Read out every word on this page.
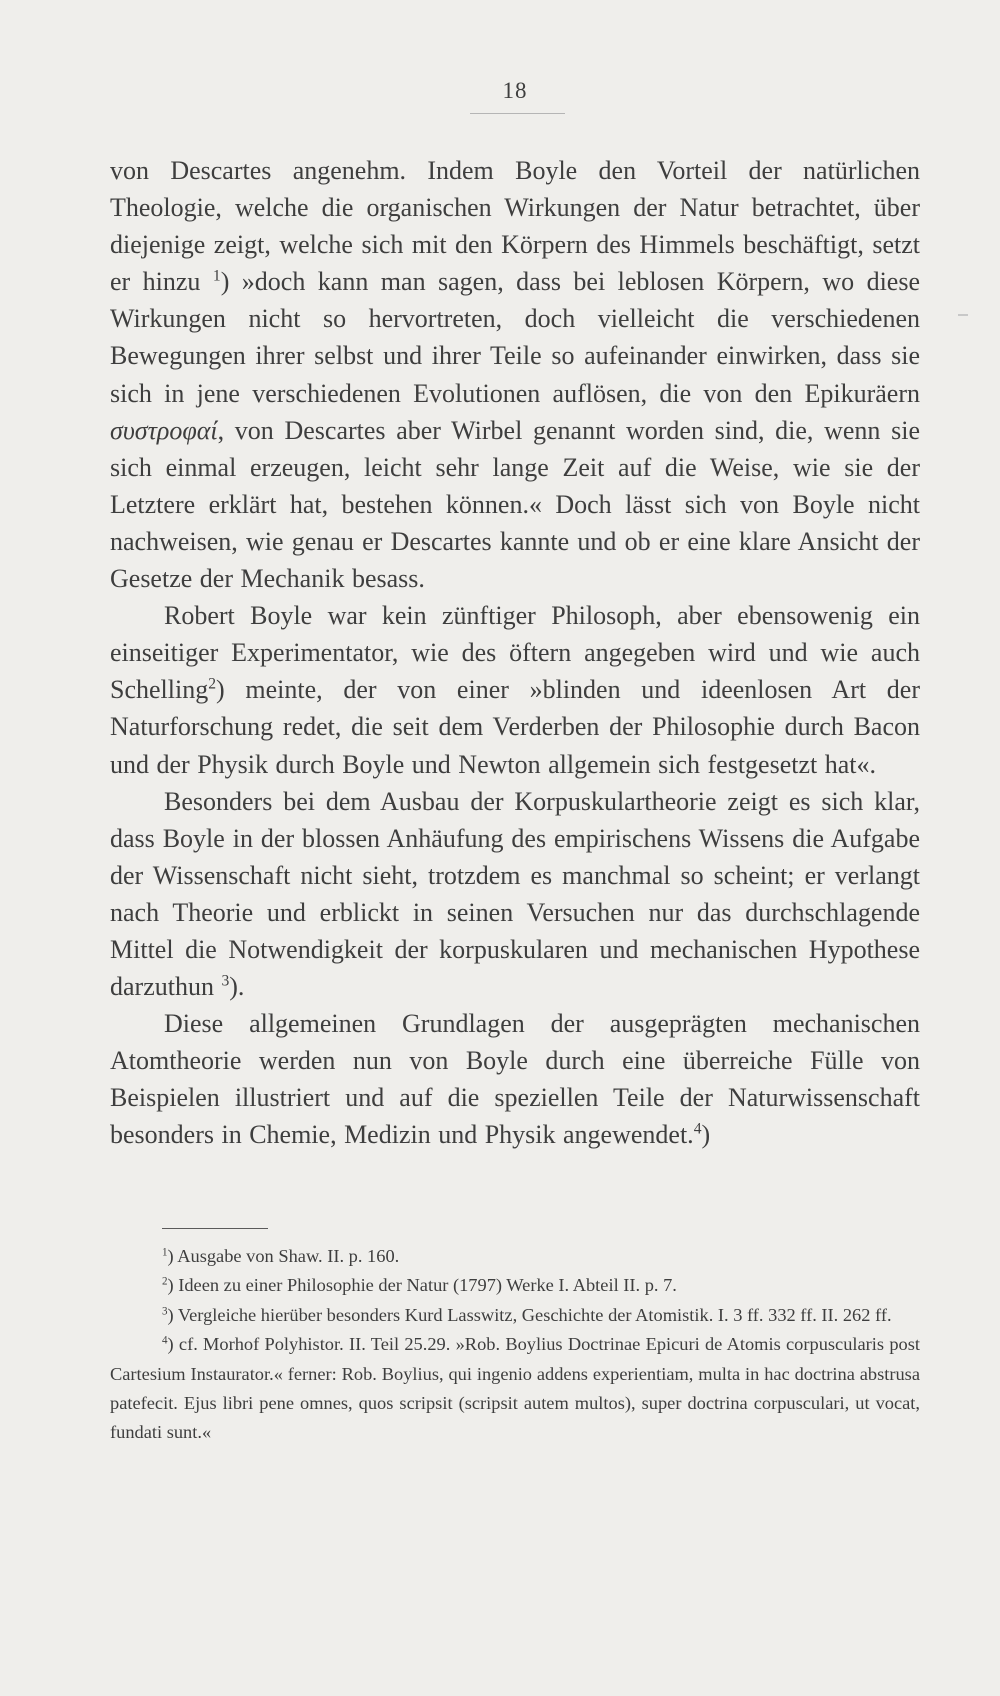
18

von Descartes angenehm. Indem Boyle den Vorteil der natürlichen Theologie, welche die organischen Wirkungen der Natur betrachtet, über diejenige zeigt, welche sich mit den Körpern des Himmels beschäftigt, setzt er hinzu $^1$) »doch kann man sagen, dass bei leblosen Körpern, wo diese Wirkungen nicht so hervortreten, doch vielleicht die verschiedenen Bewegungen ihrer selbst und ihrer Teile so aufeinander einwirken, dass sie sich in jene verschiedenen Evolutionen auflösen, die von den Epikuräern συστροφαί, von Descartes aber Wirbel genannt worden sind, die, wenn sie sich einmal erzeugen, leicht sehr lange Zeit auf die Weise, wie sie der Letztere erklärt hat, bestehen können.« Doch lässt sich von Boyle nicht nachweisen, wie genau er Descartes kannte und ob er eine klare Ansicht der Gesetze der Mechanik besass.

Robert Boyle war kein zünftiger Philosoph, aber ebensowenig ein einseitiger Experimentator, wie des öftern angegeben wird und wie auch Schelling$^2$) meinte, der von einer »blinden und ideenlosen Art der Naturforschung redet, die seit dem Verderben der Philosophie durch Bacon und der Physik durch Boyle und Newton allgemein sich festgesetzt hat«.

Besonders bei dem Ausbau der Korpuskulartheorie zeigt es sich klar, dass Boyle in der blossen Anhäufung des empirischens Wissens die Aufgabe der Wissenschaft nicht sieht, trotzdem es manchmal so scheint; er verlangt nach Theorie und erblickt in seinen Versuchen nur das durchschlagende Mittel die Notwendigkeit der korpuskularen und mechanischen Hypothese darzuthun $^3$).

Diese allgemeinen Grundlagen der ausgeprägten mechanischen Atomtheorie werden nun von Boyle durch eine überreiche Fülle von Beispielen illustriert und auf die speziellen Teile der Naturwissenschaft besonders in Chemie, Medizin und Physik angewendet.$^4$)

$^1$) Ausgabe von Shaw. II. p. 160.

$^2$) Ideen zu einer Philosophie der Natur (1797) Werke I. Abteil II. p. 7.

$^3$) Vergleiche hierüber besonders Kurd Lasswitz, Geschichte der Atomistik. I. 3 ff. 332 ff. II. 262 ff.

$^4$) cf. Morhof Polyhistor. II. Teil 25.29. »Rob. Boylius Doctrinae Epicuri de Atomis corpuscularis post Cartesium Instaurator.« ferner: Rob. Boylius, qui ingenio addens experientiam, multa in hac doctrina abstrusa patefecit. Ejus libri pene omnes, quos scripsit (scripsit autem multos), super doctrina corpusculari, ut vocat, fundati sunt.«
